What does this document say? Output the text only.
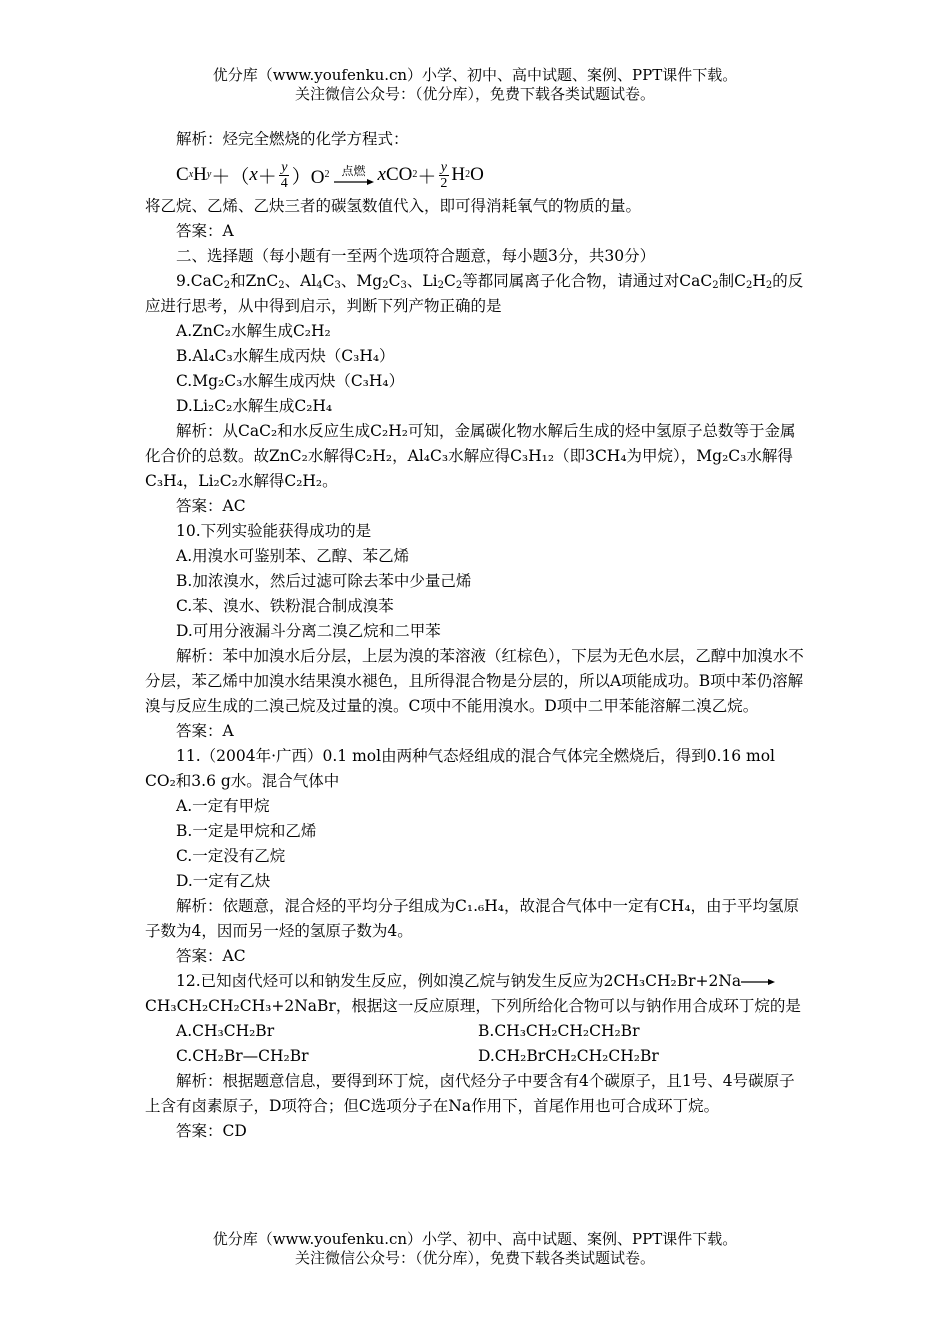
优分库（www.youfenku.cn）小学、初中、高中试题、案例、PPT课件下载。
关注微信公众号：（优分库），免费下载各类试题试卷。

解析：烃完全燃烧的化学方程式：

C x H y ＋（ $x + \frac{y}{4} )O$ 2 点燃 x CO $2 + \frac{y}{2}$ H 2 O

将乙烷、乙烯、乙炔三者的碳氢数值代入，即可得消耗氧气的物质的量。

答案：A

二、选择题（每小题有一至两个选项符合题意，每小题3分，共30分）

9.CaC$_2$和ZnC$_2$、$Al_4C_3$、$Mg_2C_3$、$Li_2C_2$等都同属离子化合物，请通过对CaC$_2$制$C_2H_2$的反应进行思考，从中得到启示，判断下列产物正确的是

A.ZnC₂水解生成C₂H₂

B.Al₄C₃水解生成丙炔（C₃H₄）

C.Mg₂C₃水解生成丙炔（C₃H₄）

D.Li₂C₂水解生成C₂H₄

解析：从CaC₂和水反应生成C₂H₂可知，金属碳化物水解后生成的烃中氢原子总数等于金属化合价的总数。故ZnC₂水解得C₂H₂，Al₄C₃水解应得C₃H₁₂（即3CH₄为甲烷），Mg₂C₃水解得C₃H₄，Li₂C₂水解得C₂H₂。

答案：AC

10.下列实验能获得成功的是

A.用溴水可鉴别苯、乙醇、苯乙烯

B.加浓溴水，然后过滤可除去苯中少量己烯

C.苯、溴水、铁粉混合制成溴苯

D.可用分液漏斗分离二溴乙烷和二甲苯

解析：苯中加溴水后分层，上层为溴的苯溶液（红棕色），下层为无色水层，乙醇中加溴水不分层，苯乙烯中加溴水结果溴水褪色，且所得混合物是分层的，所以A项能成功。B项中苯仍溶解溴与反应生成的二溴己烷及过量的溴。C项中不能用溴水。D项中二甲苯能溶解二溴乙烷。

答案：A

11.（2004年·广西）0.1 mol由两种气态烃组成的混合气体完全燃烧后，得到0.16 mol CO₂和3.6 g水。混合气体中

A.一定有甲烷

B.一定是甲烷和乙烯

C.一定没有乙烷

D.一定有乙炔

解析：依题意，混合烃的平均分子组成为C₁.₆H₄，故混合气体中一定有CH₄，由于平均氢原子数为4，因而另一烃的氢原子数为4。

答案：AC

12.已知卤代烃可以和钠发生反应，例如溴乙烷与钠发生反应为2CH₃CH₂Br+2NaCH₃CH₂CH₂CH₃+2NaBr，根据这一反应原理，下列所给化合物可以与钠作用合成环丁烷的是

A.CH₃CH₂Br	B.CH₃CH₂CH₂CH₂Br
C.CH₂Br—CH₂Br	D.CH₂BrCH₂CH₂CH₂Br

解析：根据题意信息，要得到环丁烷，卤代烃分子中要含有4个碳原子，且1号、4号碳原子上含有卤素原子，D项符合；但C选项分子在Na作用下，首尾作用也可合成环丁烷。

答案：CD

优分库（www.youfenku.cn）小学、初中、高中试题、案例、PPT课件下载。
关注微信公众号：（优分库），免费下载各类试题试卷。
